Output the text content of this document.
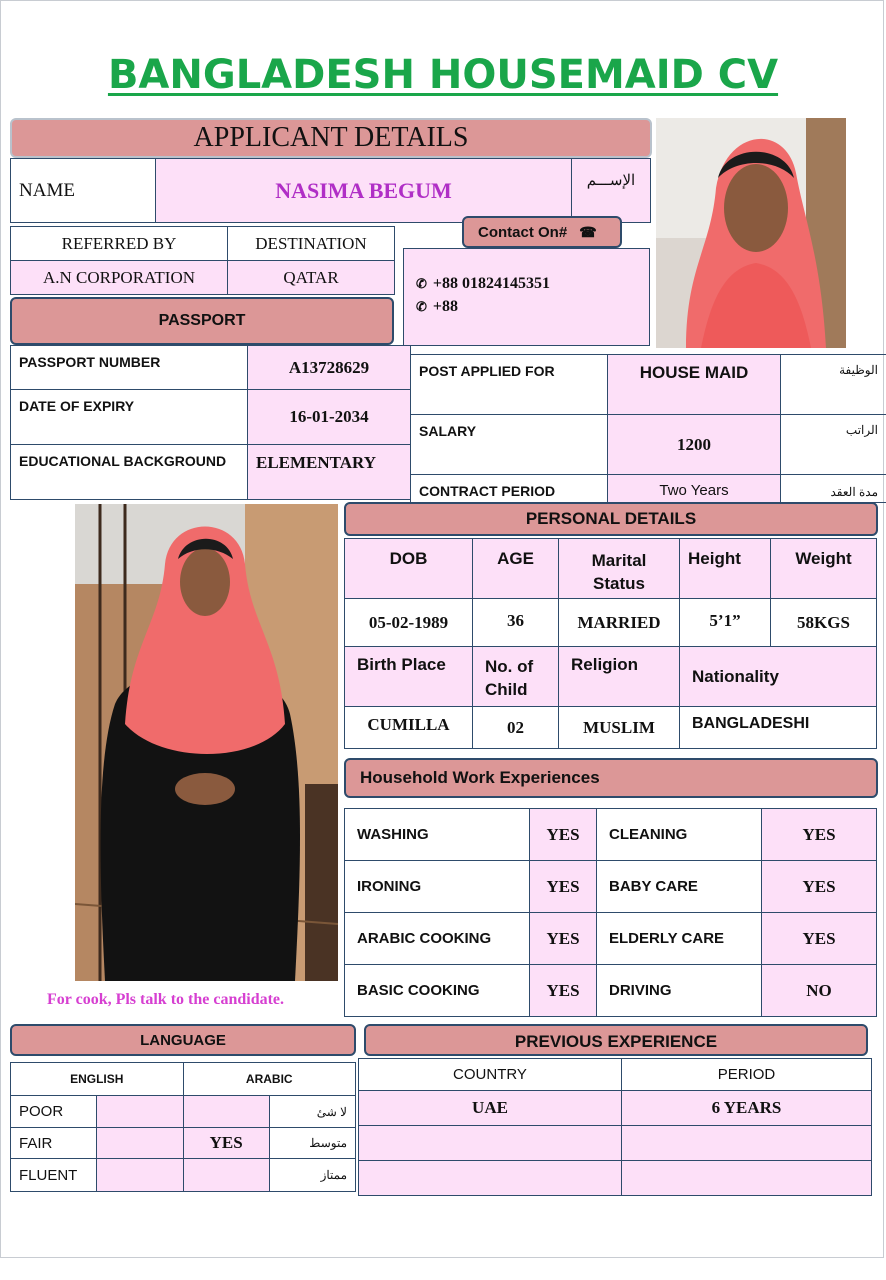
BANGLADESH HOUSEMAID CV
APPLICANT DETAILS
NAME	NASIMA BEGUM	الإســـم
REFERRED BY	DESTINATION
A.N CORPORATION	QATAR
Contact On# ☎
✆ +88 01824145351
✆ +88
PASSPORT
PASSPORT NUMBER	A13728629
DATE OF EXPIRY	16-01-2034
EDUCATIONAL BACKGROUND	ELEMENTARY
POST APPLIED FOR	HOUSE MAID	الوظيفة
SALARY	1200	الراتب
CONTRACT PERIOD	Two Years	مدة العقد
For cook, Pls talk to the candidate.
PERSONAL DETAILS
DOB	AGE	Marital Status	Height	Weight
05-02-1989	36	MARRIED	5’1”	58KGS
Birth Place	No. of Child	Religion	Nationality	
CUMILLA	02	MUSLIM	BANGLADESHI	
Household Work Experiences
WASHING	YES	CLEANING	YES
IRONING	YES	BABY CARE	YES
ARABIC COOKING	YES	ELDERLY CARE	YES
BASIC COOKING	YES	DRIVING	NO
LANGUAGE
ENGLISH		ARABIC	
POOR			لا شئ
FAIR		YES	متوسط
FLUENT			ممتاز
PREVIOUS EXPERIENCE
COUNTRY	PERIOD
UAE	6 YEARS
